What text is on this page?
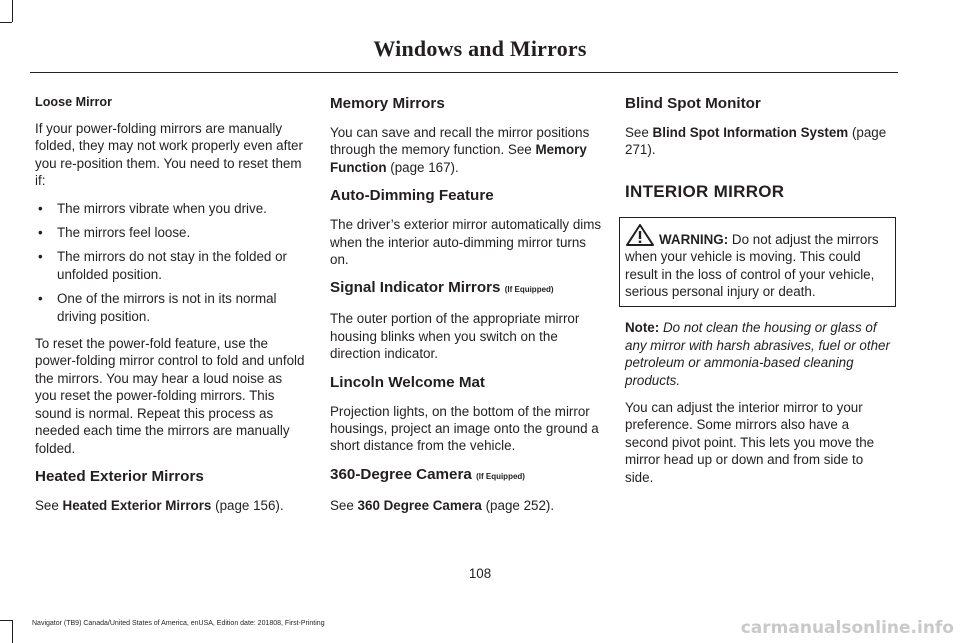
Windows and Mirrors
Loose Mirror

If your power-folding mirrors are manually folded, they may not work properly even after you re-position them. You need to reset them if:

• The mirrors vibrate when you drive.
• The mirrors feel loose.
• The mirrors do not stay in the folded or unfolded position.
• One of the mirrors is not in its normal driving position.

To reset the power-fold feature, use the power-folding mirror control to fold and unfold the mirrors. You may hear a loud noise as you reset the power-folding mirrors. This sound is normal. Repeat this process as needed each time the mirrors are manually folded.

Heated Exterior Mirrors

See Heated Exterior Mirrors (page 156).

Memory Mirrors

You can save and recall the mirror positions through the memory function. See Memory Function (page 167).

Auto-Dimming Feature

The driver’s exterior mirror automatically dims when the interior auto-dimming mirror turns on.

Signal Indicator Mirrors (If Equipped)

The outer portion of the appropriate mirror housing blinks when you switch on the direction indicator.

Lincoln Welcome Mat

Projection lights, on the bottom of the mirror housings, project an image onto the ground a short distance from the vehicle.

360-Degree Camera (If Equipped)

See 360 Degree Camera (page 252).

Blind Spot Monitor

See Blind Spot Information System (page 271).

INTERIOR MIRROR
WARNING: Do not adjust the mirrors when your vehicle is moving. This could result in the loss of control of your vehicle, serious personal injury or death.

Note: Do not clean the housing or glass of any mirror with harsh abrasives, fuel or other petroleum or ammonia-based cleaning products.

You can adjust the interior mirror to your preference. Some mirrors also have a second pivot point. This lets you move the mirror head up or down and from side to side.

108
Navigator (TB9) Canada/United States of America, enUSA, Edition date: 201808, First-Printing	carmanualsonline.info
